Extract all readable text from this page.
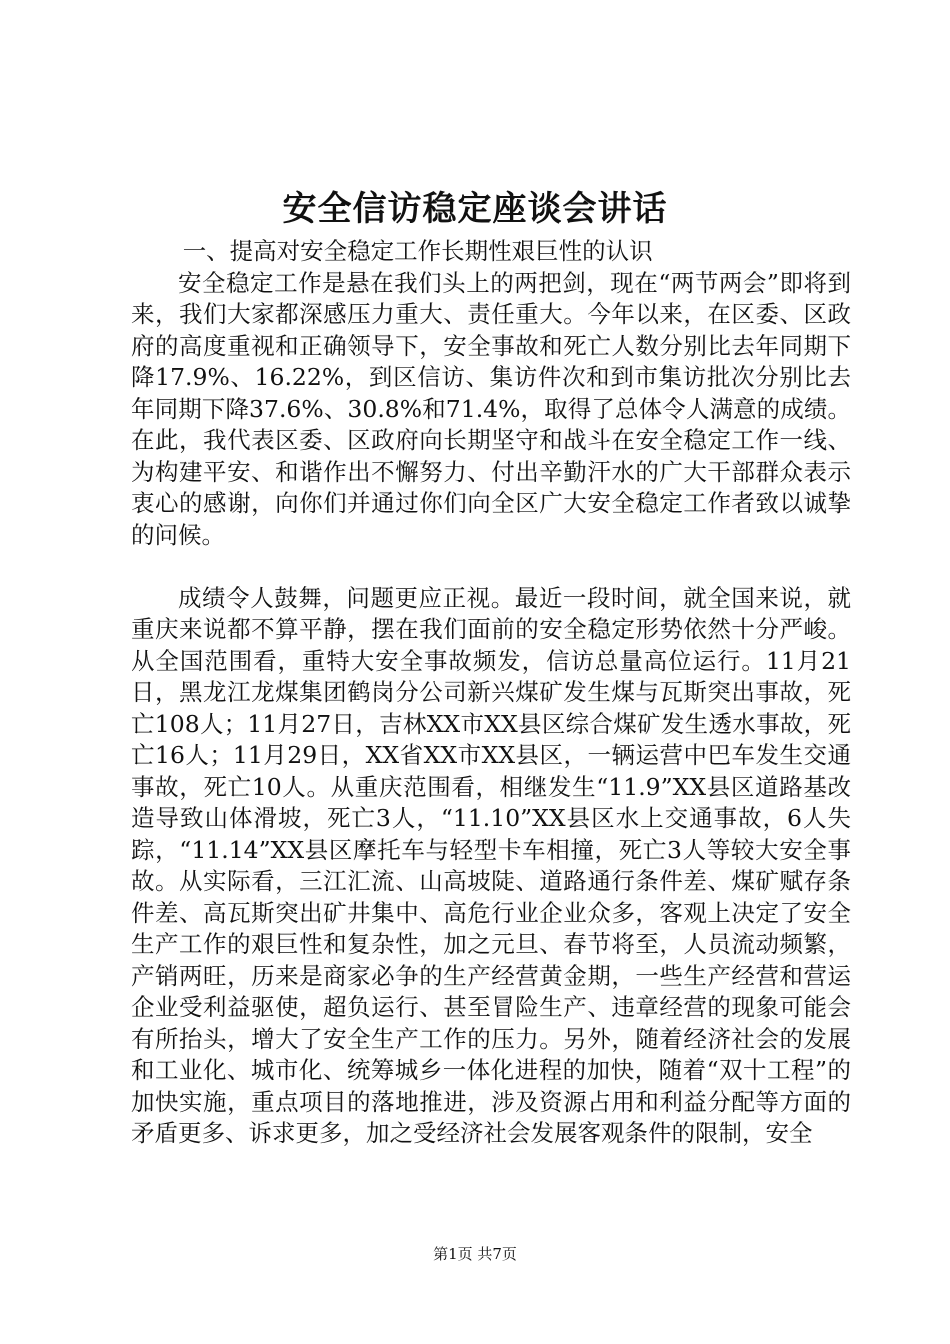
安全信访稳定座谈会讲话

一、提高对安全稳定工作长期性艰巨性的认识

安全稳定工作是悬在我们头上的两把剑，现在“两节两会”即将到来，我们大家都深感压力重大、责任重大。今年以来，在区委、区政府的高度重视和正确领导下，安全事故和死亡人数分别比去年同期下降17.9%、16.22%，到区信访、集访件次和到市集访批次分别比去年同期下降37.6%、30.8%和71.4%，取得了总体令人满意的成绩。在此，我代表区委、区政府向长期坚守和战斗在安全稳定工作一线、为构建平安、和谐作出不懈努力、付出辛勤汗水的广大干部群众表示衷心的感谢，向你们并通过你们向全区广大安全稳定工作者致以诚挚的问候。

成绩令人鼓舞，问题更应正视。最近一段时间，就全国来说，就重庆来说都不算平静，摆在我们面前的安全稳定形势依然十分严峻。从全国范围看，重特大安全事故频发，信访总量高位运行。11月21日，黑龙江龙煤集团鹤岗分公司新兴煤矿发生煤与瓦斯突出事故，死亡108人；11月27日，吉林XX市XX县区综合煤矿发生透水事故，死亡16人；11月29日，XX省XX市XX县区，一辆运营中巴车发生交通事故，死亡10人。从重庆范围看，相继发生“11.9”XX县区道路基改造导致山体滑坡，死亡3人，“11.10”XX县区水上交通事故，6人失踪，“11.14”XX县区摩托车与轻型卡车相撞，死亡3人等较大安全事故。从实际看，三江汇流、山高坡陡、道路通行条件差、煤矿赋存条件差、高瓦斯突出矿井集中、高危行业企业众多，客观上决定了安全生产工作的艰巨性和复杂性，加之元旦、春节将至，人员流动频繁，产销两旺，历来是商家必争的生产经营黄金期，一些生产经营和营运企业受利益驱使，超负运行、甚至冒险生产、违章经营的现象可能会有所抬头，增大了安全生产工作的压力。另外，随着经济社会的发展和工业化、城市化、统筹城乡一体化进程的加快，随着“双十工程”的加快实施，重点项目的落地推进，涉及资源占用和利益分配等方面的矛盾更多、诉求更多，加之受经济社会发展客观条件的限制，安全

第1页 共7页
